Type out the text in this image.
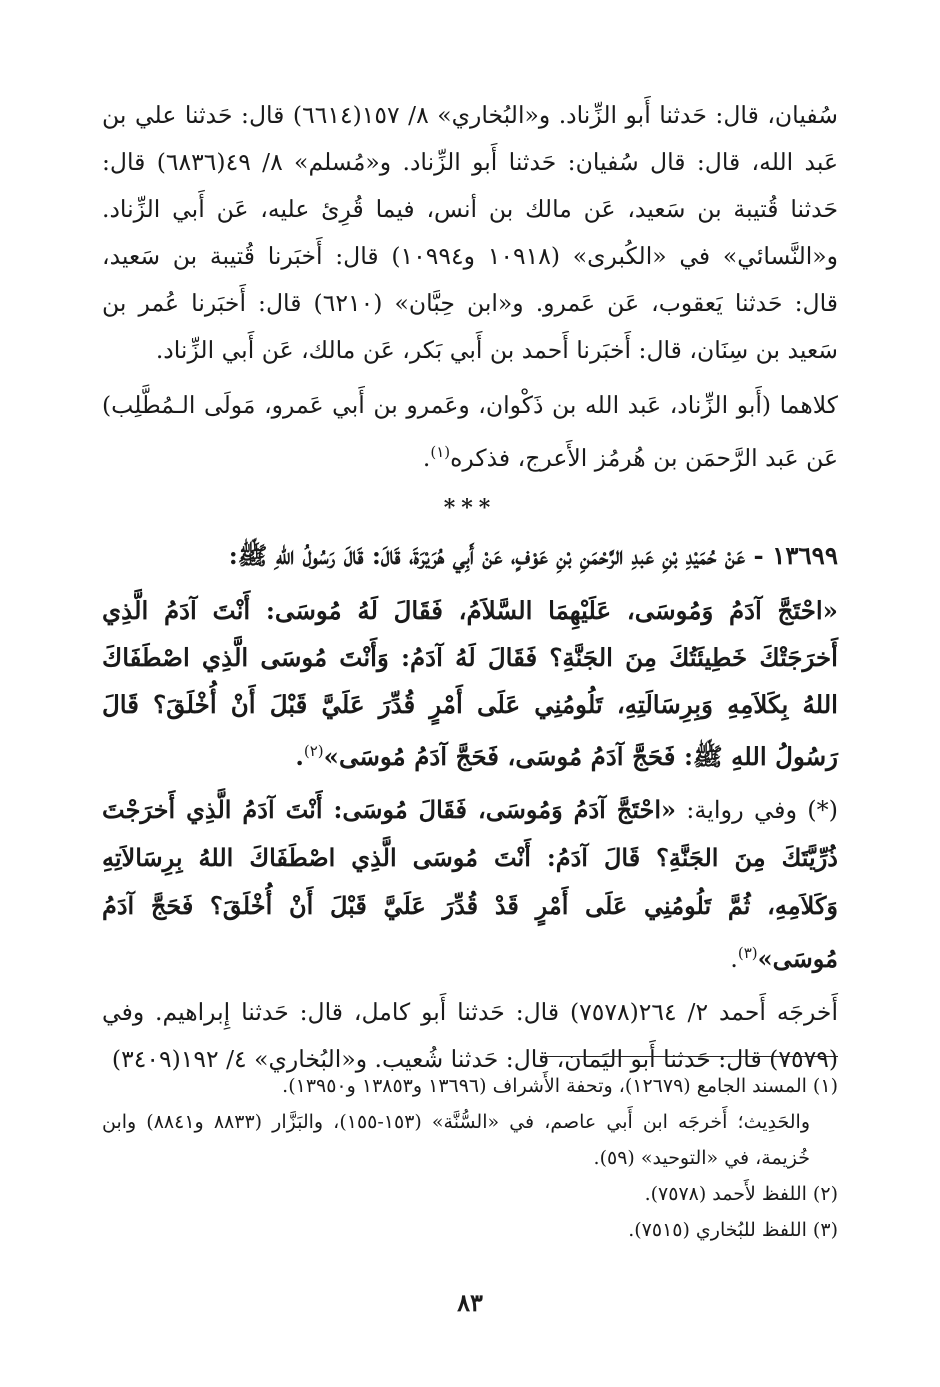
سُفيان، قال: حَدثنا أَبو الزِّناد. و«البُخاري» ٨/ ١٥٧(٦٦١٤) قال: حَدثنا علي بن عَبد الله، قال: قال سُفيان: حَدثنا أَبو الزِّناد. و«مُسلم» ٨/ ٤٩(٦٨٣٦) قال: حَدثنا قُتيبة بن سَعيد، عَن مالك بن أنس، فيما قُرِئ عليه، عَن أَبي الزِّناد. و«النَّسائي» في «الكُبرى» (١٠٩١٨ و١٠٩٩٤) قال: أَخبَرنا قُتيبة بن سَعيد، قال: حَدثنا يَعقوب، عَن عَمرو. و«ابن حِبَّان» (٦٢١٠) قال: أَخبَرنا عُمر بن سَعيد بن سِنَان، قال: أَخبَرنا أَحمد بن أَبي بَكر، عَن مالك، عَن أَبي الزِّناد.

كلاهما (أَبو الزِّناد، عَبد الله بن ذَكْوان، وعَمرو بن أَبي عَمرو، مَولَى الـمُطَّلِب) عَن عَبد الرَّحمَن بن هُرمُز الأَعرج، فذكره$^{(١)}$.

***

١٣٦٩٩ - عَنْ حُمَيْدِ بْنِ عَبدِ الرَّحْمَنِ بْنِ عَوْفٍ، عَنْ أَبِي هُرَيْرَةَ، قَالَ: قَالَ رَسُولُ اللهِ ﷺ:

«احْتَجَّ آدَمُ وَمُوسَى، عَلَيْهِمَا السَّلاَمُ، فَقَالَ لَهُ مُوسَى: أَنْتَ آدَمُ الَّذِي أَخرَجَتْكَ خَطِيئَتُكَ مِنَ الجَنَّةِ؟ فَقَالَ لَهُ آدَمُ: وَأَنْتَ مُوسَى الَّذِي اصْطَفَاكَ اللهُ بِكَلاَمِهِ وَبِرِسَالَتِهِ، تَلُومُنِي عَلَى أَمْرٍ قُدِّرَ عَلَيَّ قَبْلَ أَنْ أُخْلَقَ؟ قَالَ رَسُولُ اللهِ ﷺ: فَحَجَّ آدَمُ مُوسَى، فَحَجَّ آدَمُ مُوسَى»$^{(٢)}$.

(*) وفي رواية: «احْتَجَّ آدَمُ وَمُوسَى، فَقَالَ مُوسَى: أَنْتَ آدَمُ الَّذِي أَخرَجْتَ ذُرِّيَّتَكَ مِنَ الجَنَّةِ؟ قَالَ آدَمُ: أَنْتَ مُوسَى الَّذِي اصْطَفَاكَ اللهُ بِرِسَالاَتِهِ وَكَلاَمِهِ، ثُمَّ تَلُومُنِي عَلَى أَمْرٍ قَدْ قُدِّرَ عَلَيَّ قَبْلَ أَنْ أُخْلَقَ؟ فَحَجَّ آدَمُ مُوسَى»$^{(٣)}$.

أَخرجَه أَحمد ٢/ ٢٦٤(٧٥٧٨) قال: حَدثنا أَبو كامل، قال: حَدثنا إِبراهيم. وفي (٧٥٧٩) قال: حَدثنا أَبو اليَمان، قال: حَدثنا شُعيب. و«البُخاري» ٤/ ١٩٢(٣٤٠٩)

(١) المسند الجامع (١٢٦٧٩)، وتحفة الأَشراف (١٣٦٩٦ و١٣٨٥٣ و١٣٩٥٠).

والحَدِيث؛ أَخرجَه ابن أَبي عاصم، في «السُّنَّة» (١٥٣-١٥٥)، والبَزَّار (٨٨٣٣ و٨٨٤١) وابن خُزيمة، في «التوحيد» (٥٩).

(٢) اللفظ لأَحمد (٧٥٧٨).

(٣) اللفظ للبُخاري (٧٥١٥).

٨٣
